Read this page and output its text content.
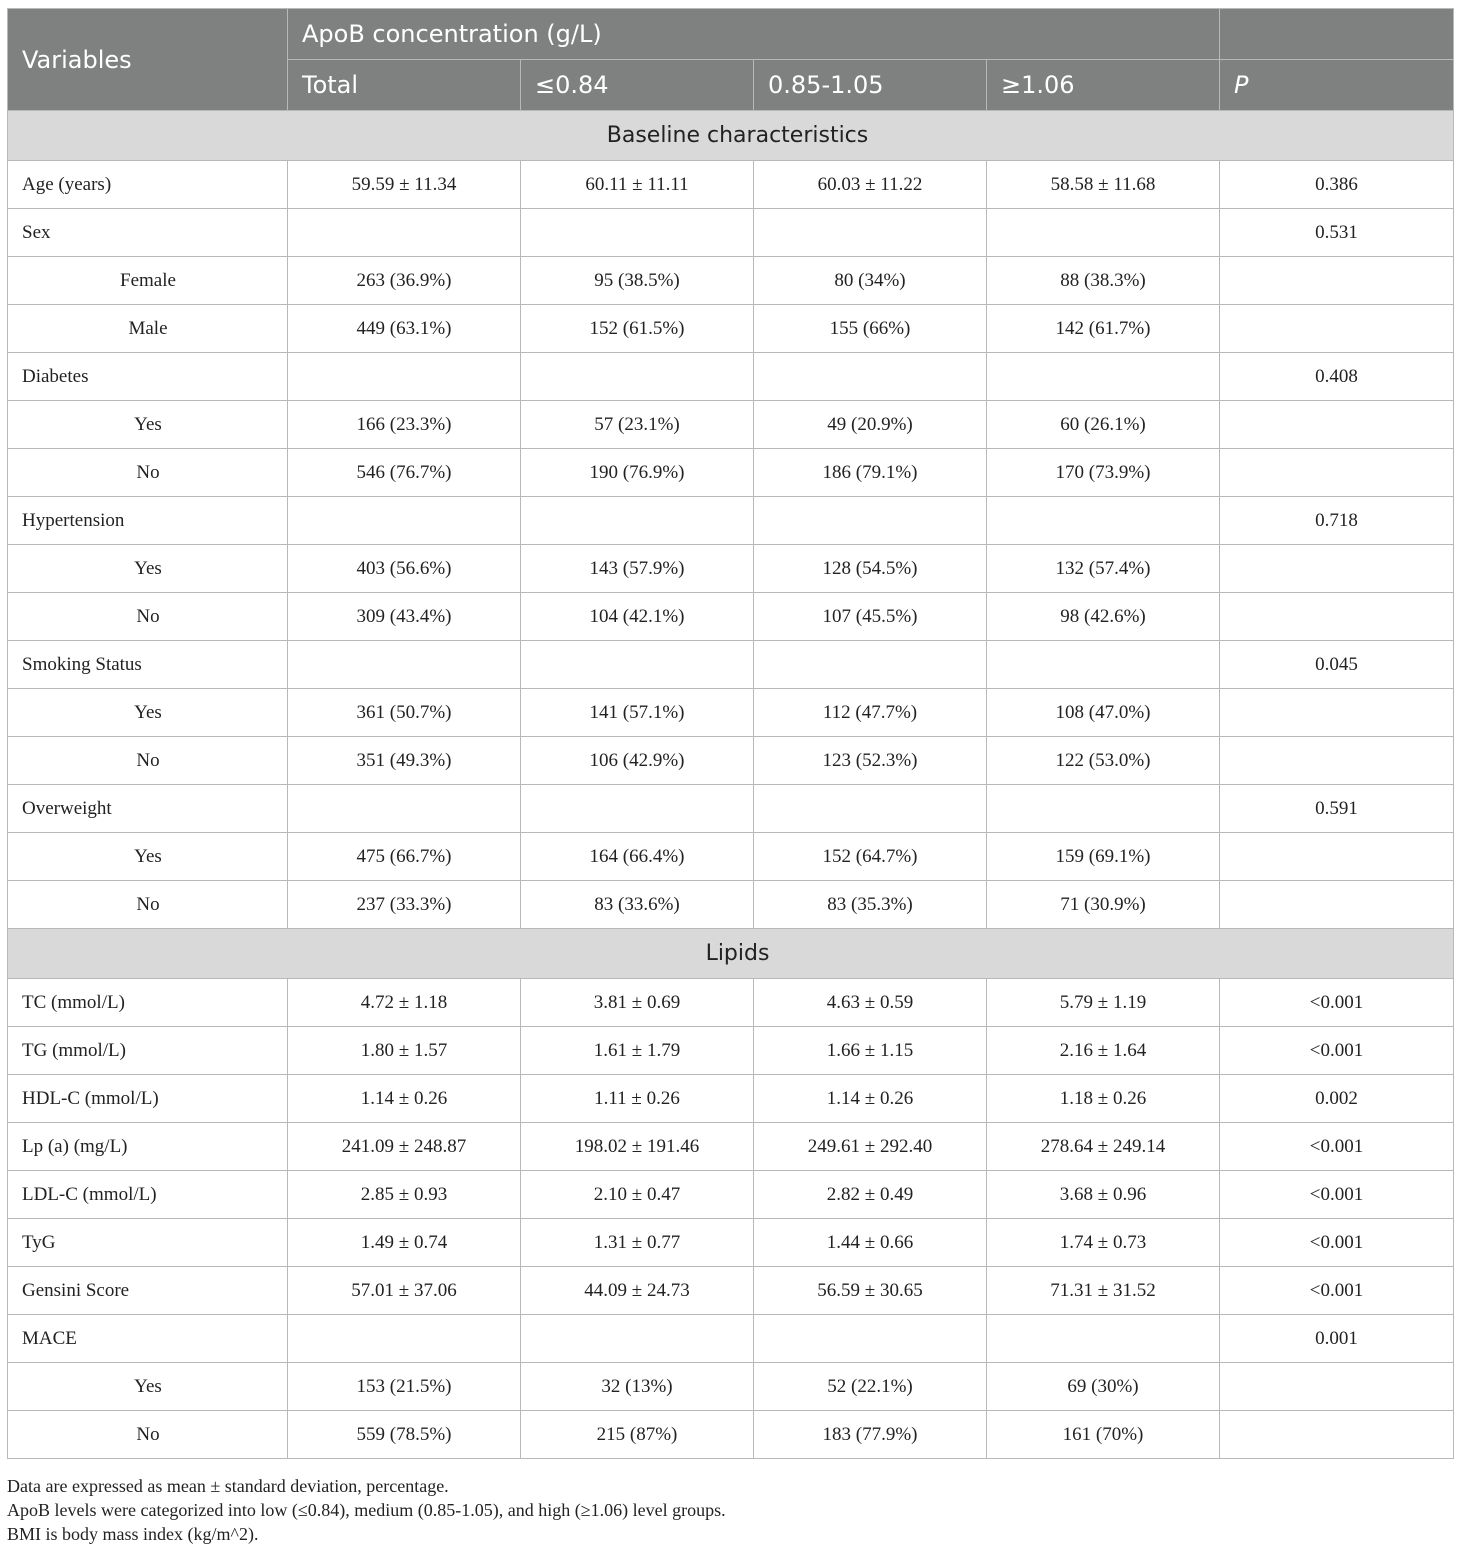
Variables	ApoB concentration (g/L)				
	Total	≤0.84	0.85-1.05	≥1.06	P
Baseline characteristics					
Age (years)	59.59 ± 11.34	60.11 ± 11.11	60.03 ± 11.22	58.58 ± 11.68	0.386
Sex					0.531
Female	263 (36.9%)	95 (38.5%)	80 (34%)	88 (38.3%)	
Male	449 (63.1%)	152 (61.5%)	155 (66%)	142 (61.7%)	
Diabetes					0.408
Yes	166 (23.3%)	57 (23.1%)	49 (20.9%)	60 (26.1%)	
No	546 (76.7%)	190 (76.9%)	186 (79.1%)	170 (73.9%)	
Hypertension					0.718
Yes	403 (56.6%)	143 (57.9%)	128 (54.5%)	132 (57.4%)	
No	309 (43.4%)	104 (42.1%)	107 (45.5%)	98 (42.6%)	
Smoking Status					0.045
Yes	361 (50.7%)	141 (57.1%)	112 (47.7%)	108 (47.0%)	
No	351 (49.3%)	106 (42.9%)	123 (52.3%)	122 (53.0%)	
Overweight					0.591
Yes	475 (66.7%)	164 (66.4%)	152 (64.7%)	159 (69.1%)	
No	237 (33.3%)	83 (33.6%)	83 (35.3%)	71 (30.9%)	
Lipids					
TC (mmol/L)	4.72 ± 1.18	3.81 ± 0.69	4.63 ± 0.59	5.79 ± 1.19	<0.001
TG (mmol/L)	1.80 ± 1.57	1.61 ± 1.79	1.66 ± 1.15	2.16 ± 1.64	<0.001
HDL-C (mmol/L)	1.14 ± 0.26	1.11 ± 0.26	1.14 ± 0.26	1.18 ± 0.26	0.002
Lp (a) (mg/L)	241.09 ± 248.87	198.02 ± 191.46	249.61 ± 292.40	278.64 ± 249.14	<0.001
LDL-C (mmol/L)	2.85 ± 0.93	2.10 ± 0.47	2.82 ± 0.49	3.68 ± 0.96	<0.001
TyG	1.49 ± 0.74	1.31 ± 0.77	1.44 ± 0.66	1.74 ± 0.73	<0.001
Gensini Score	57.01 ± 37.06	44.09 ± 24.73	56.59 ± 30.65	71.31 ± 31.52	<0.001
MACE					0.001
Yes	153 (21.5%)	32 (13%)	52 (22.1%)	69 (30%)	
No	559 (78.5%)	215 (87%)	183 (77.9%)	161 (70%)	
Data are expressed as mean ± standard deviation, percentage.
ApoB levels were categorized into low (≤0.84), medium (0.85-1.05), and high (≥1.06) level groups.
BMI is body mass index (kg/m^2).
